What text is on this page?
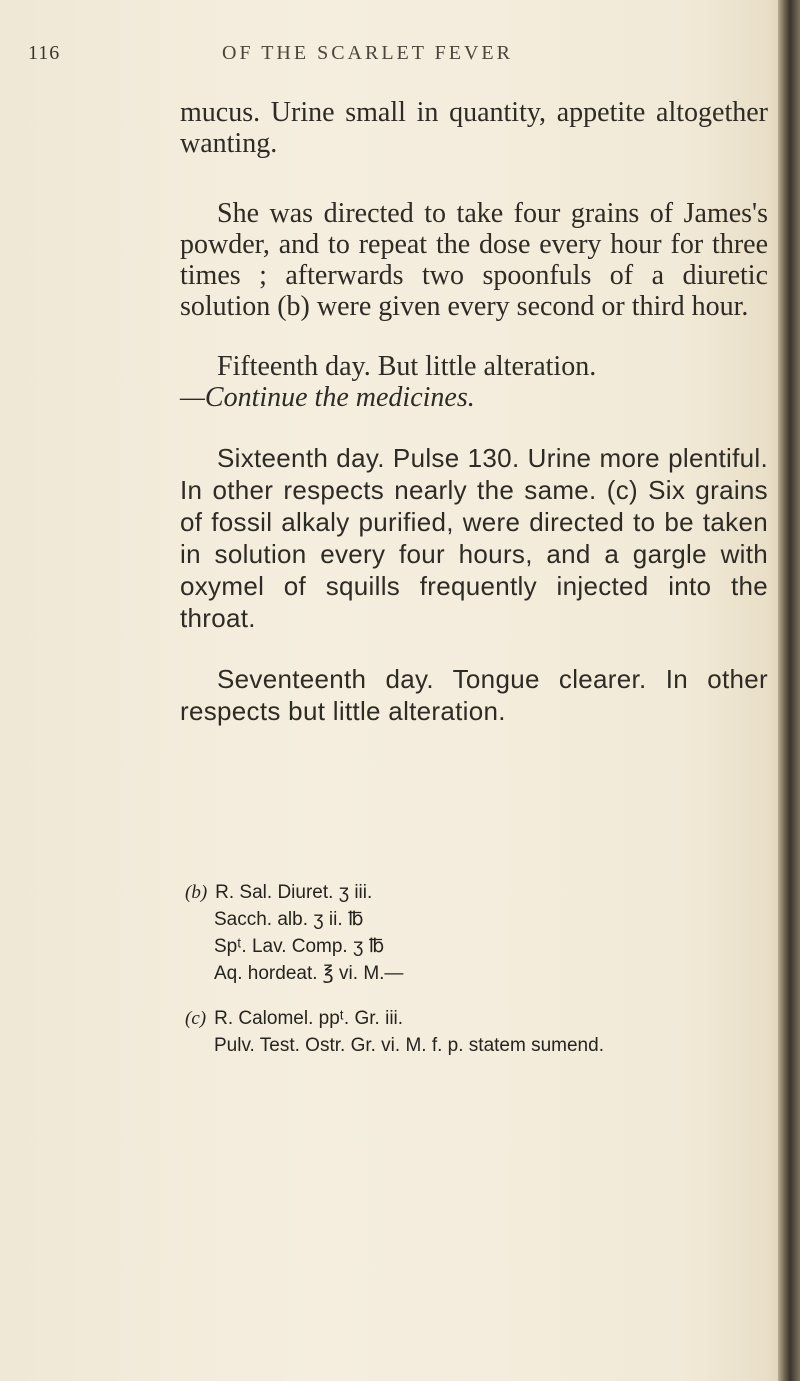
116	OF THE SCARLET FEVER

mucus. Urine small in quantity, appetite altogether wanting.

She was directed to take four grains of James's powder, and to repeat the dose every hour for three times ; afterwards two spoonfuls of a diuretic solution (b) were given every second or third hour.

Fifteenth day. But little alteration.
—Continue the medicines.

Sixteenth day. Pulse 130. Urine more plentiful. In other respects nearly the same. (c) Six grains of fossil alkaly purified, were directed to be taken in solution every four hours, and a gargle with oxymel of squills frequently injected into the throat.

Seventeenth day. Tongue clearer. In other respects but little alteration.

(b) R. Sal. Diuret. ʒ iii.
Sacch. alb. ʒ ii. ℔
Spᵗ. Lav. Comp. ʒ ℔
Aq. hordeat. ℥ vi. M.—
(c) R. Calomel. ppᵗ. Gr. iii.
Pulv. Test. Ostr. Gr. vi. M. f. p. statem sumend.
